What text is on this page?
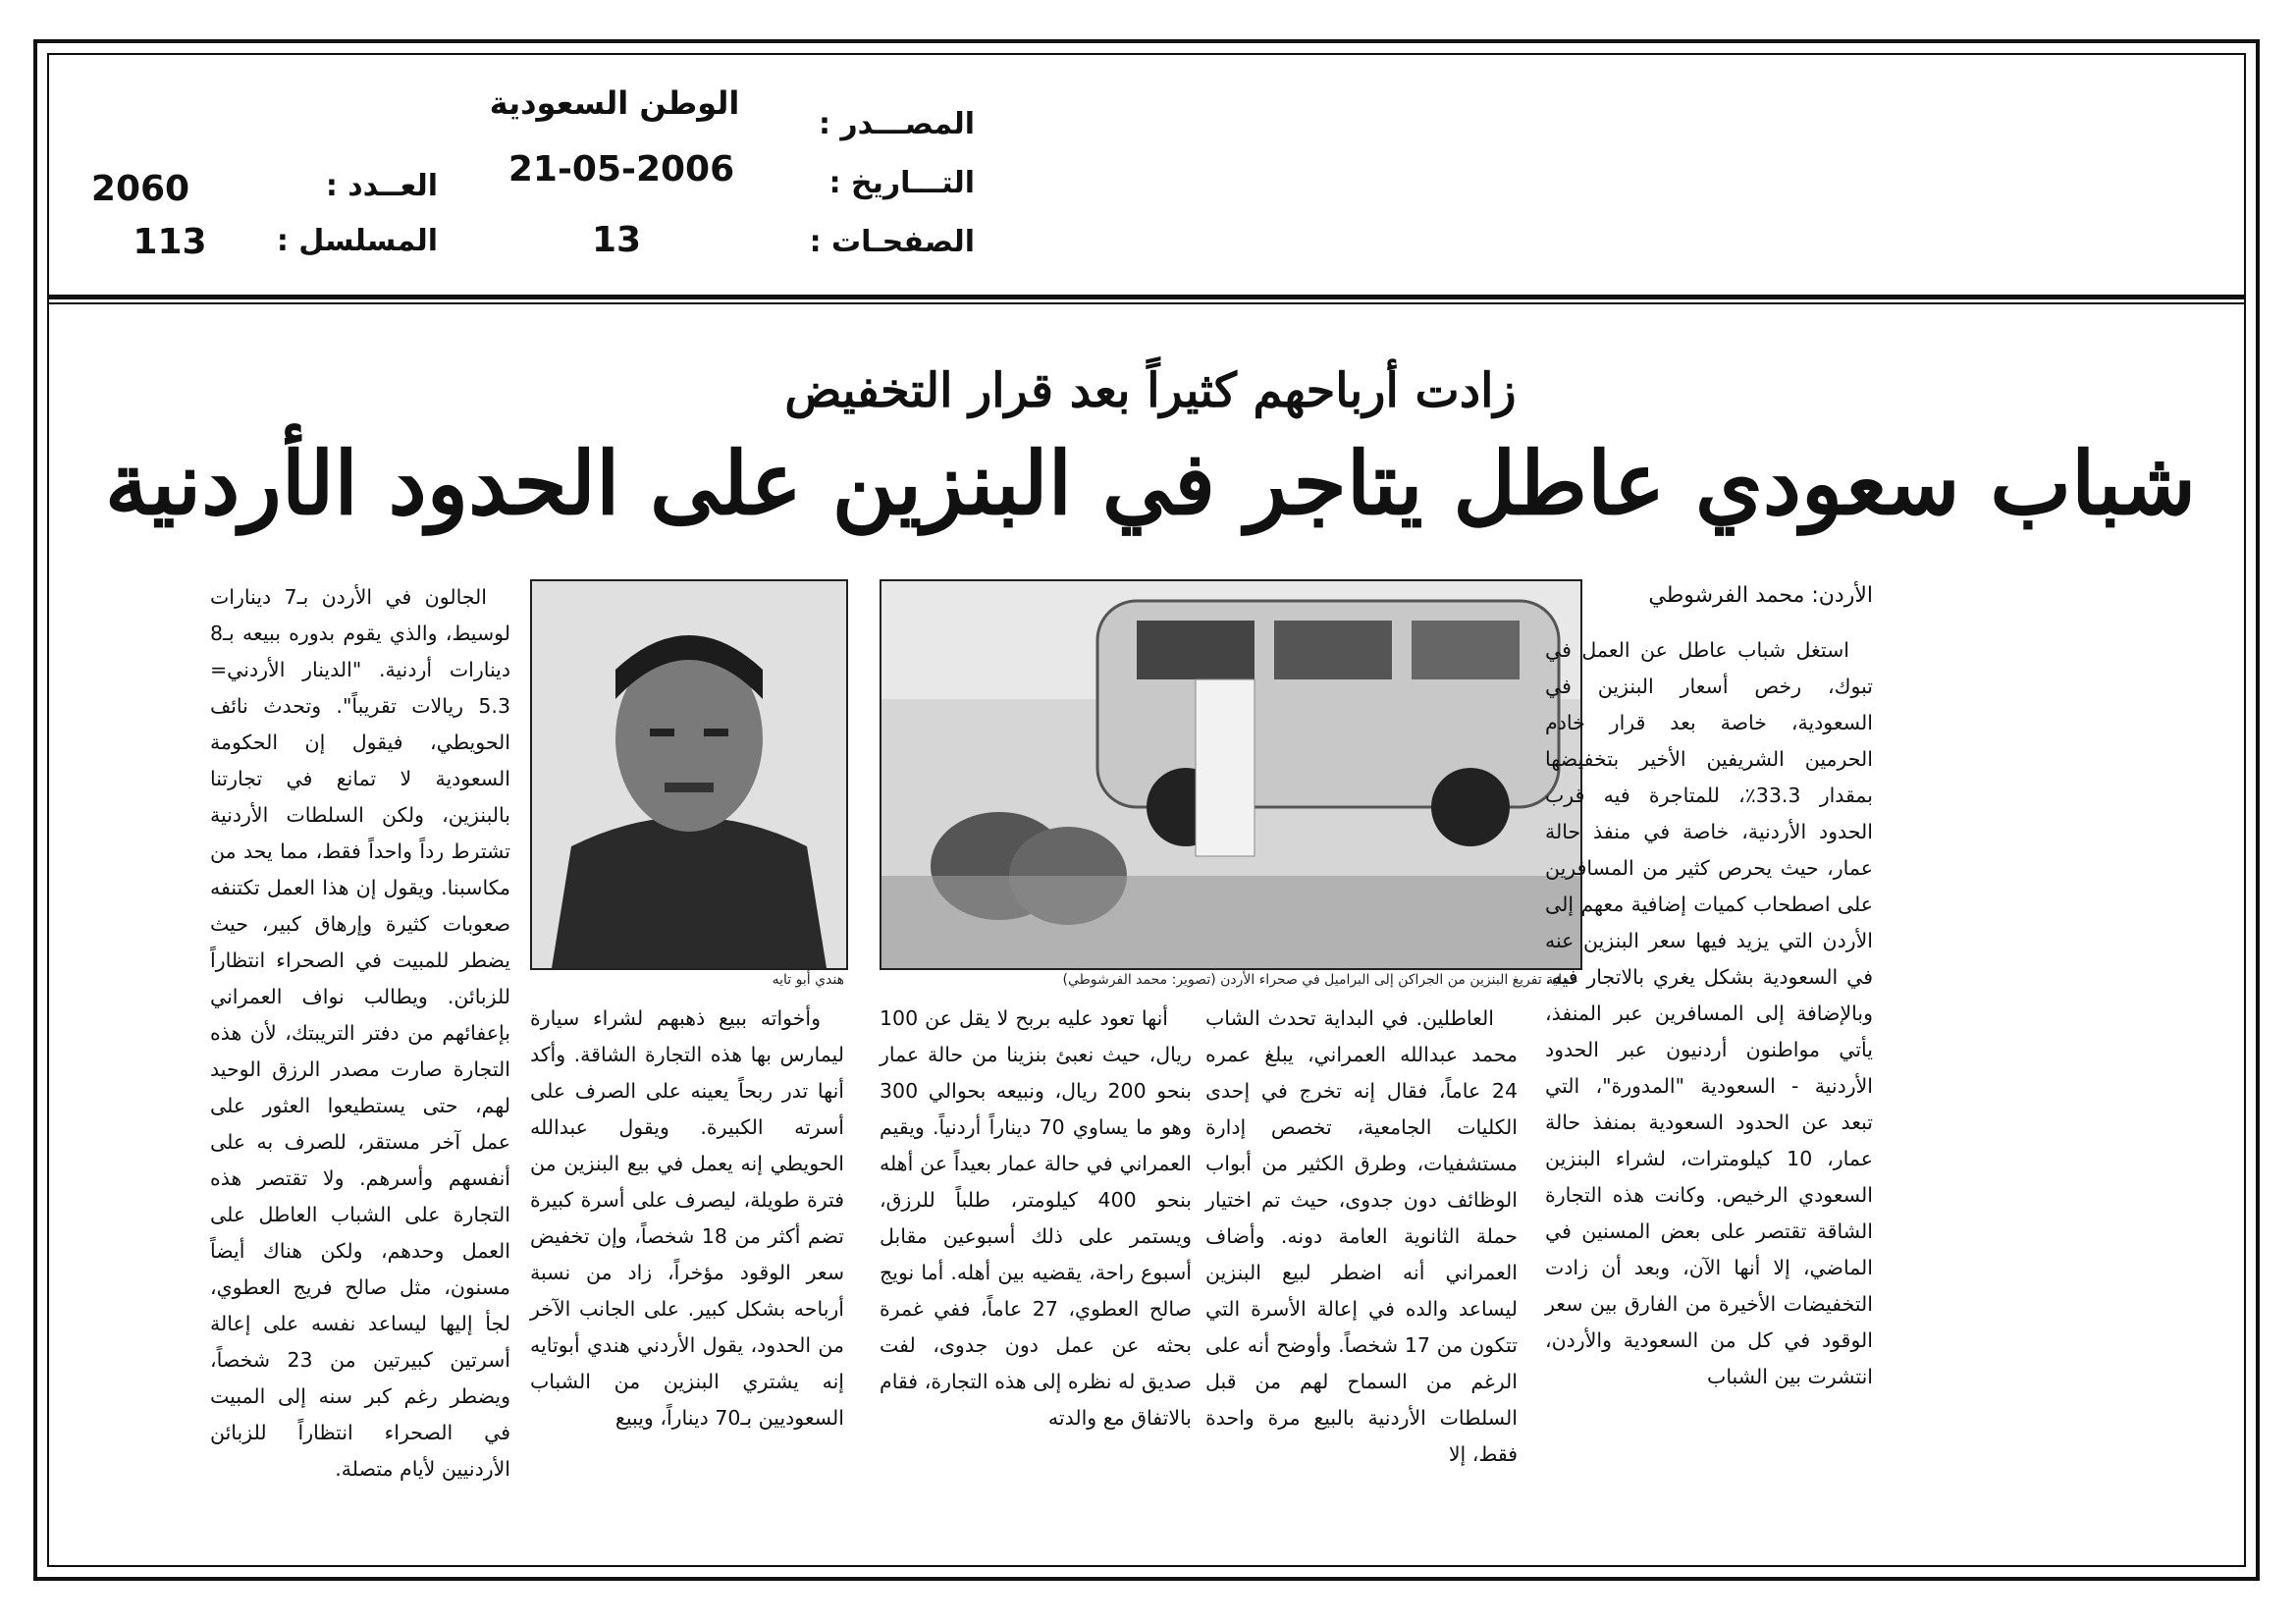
المصـــدر :
الوطن السعودية
التـــاريخ :
21-05-2006
الصفحـات :
13
العــدد :
2060
المسلسل :
113
زادت أرباحهم كثيراً بعد قرار التخفيض
شباب سعودي عاطل يتاجر في البنزين على الحدود الأردنية
الأردن: محمد الفرشوطي
عملية تفريغ البنزين من الجراكن إلى البراميل في صحراء الأردن (تصوير: محمد الفرشوطي)
هندي أبو تايه

استغل شباب عاطل عن العمل في تبوك، رخص أسعار البنزين في السعودية، خاصة بعد قرار خادم الحرمين الشريفين الأخير بتخفيضها بمقدار 33.3٪، للمتاجرة فيه قرب الحدود الأردنية، خاصة في منفذ حالة عمار، حيث يحرص كثير من المسافرين على اصطحاب كميات إضافية معهم إلى الأردن التي يزيد فيها سعر البنزين عنه في السعودية بشكل يغري بالاتجار فيه. وبالإضافة إلى المسافرين عبر المنفذ، يأتي مواطنون أردنيون عبر الحدود الأردنية - السعودية "المدورة"، التي تبعد عن الحدود السعودية بمنفذ حالة عمار، 10 كيلومترات، لشراء البنزين السعودي الرخيص. وكانت هذه التجارة الشاقة تقتصر على بعض المسنين في الماضي، إلا أنها الآن، وبعد أن زادت التخفيضات الأخيرة من الفارق بين سعر الوقود في كل من السعودية والأردن، انتشرت بين الشباب

العاطلين. في البداية تحدث الشاب محمد عبدالله العمراني، يبلغ عمره 24 عاماً، فقال إنه تخرج في إحدى الكليات الجامعية، تخصص إدارة مستشفيات، وطرق الكثير من أبواب الوظائف دون جدوى، حيث تم اختيار حملة الثانوية العامة دونه. وأضاف العمراني أنه اضطر لبيع البنزين ليساعد والده في إعالة الأسرة التي تتكون من 17 شخصاً. وأوضح أنه على الرغم من السماح لهم من قبل السلطات الأردنية بالبيع مرة واحدة فقط، إلا

أنها تعود عليه بربح لا يقل عن 100 ريال، حيث نعبئ بنزينا من حالة عمار بنحو 200 ريال، ونبيعه بحوالي 300 وهو ما يساوي 70 ديناراً أردنياً. ويقيم العمراني في حالة عمار بعيداً عن أهله بنحو 400 كيلومتر، طلباً للرزق، ويستمر على ذلك أسبوعين مقابل أسبوع راحة، يقضيه بين أهله. أما نويج صالح العطوي، 27 عاماً، ففي غمرة بحثه عن عمل دون جدوى، لفت صديق له نظره إلى هذه التجارة، فقام بالاتفاق مع والدته

وأخواته ببيع ذهبهم لشراء سيارة ليمارس بها هذه التجارة الشاقة. وأكد أنها تدر ربحاً يعينه على الصرف على أسرته الكبيرة. ويقول عبدالله الحويطي إنه يعمل في بيع البنزين من فترة طويلة، ليصرف على أسرة كبيرة تضم أكثر من 18 شخصاً، وإن تخفيض سعر الوقود مؤخراً، زاد من نسبة أرباحه بشكل كبير. على الجانب الآخر من الحدود، يقول الأردني هندي أبوتايه إنه يشتري البنزين من الشباب السعوديين بـ70 ديناراً، ويبيع

الجالون في الأردن بـ7 دينارات لوسيط، والذي يقوم بدوره ببيعه بـ8 دينارات أردنية. "الدينار الأردني= 5.3 ريالات تقريباً". وتحدث نائف الحويطي، فيقول إن الحكومة السعودية لا تمانع في تجارتنا بالبنزين، ولكن السلطات الأردنية تشترط رداً واحداً فقط، مما يحد من مكاسبنا. ويقول إن هذا العمل تكتنفه صعوبات كثيرة وإرهاق كبير، حيث يضطر للمبيت في الصحراء انتظاراً للزبائن. ويطالب نواف العمراني بإعفائهم من دفتر التريبتك، لأن هذه التجارة صارت مصدر الرزق الوحيد لهم، حتى يستطيعوا العثور على عمل آخر مستقر، للصرف به على أنفسهم وأسرهم. ولا تقتصر هذه التجارة على الشباب العاطل على العمل وحدهم، ولكن هناك أيضاً مسنون، مثل صالح فريج العطوي، لجأ إليها ليساعد نفسه على إعالة أسرتين كبيرتين من 23 شخصاً، ويضطر رغم كبر سنه إلى المبيت في الصحراء انتظاراً للزبائن الأردنيين لأيام متصلة.
